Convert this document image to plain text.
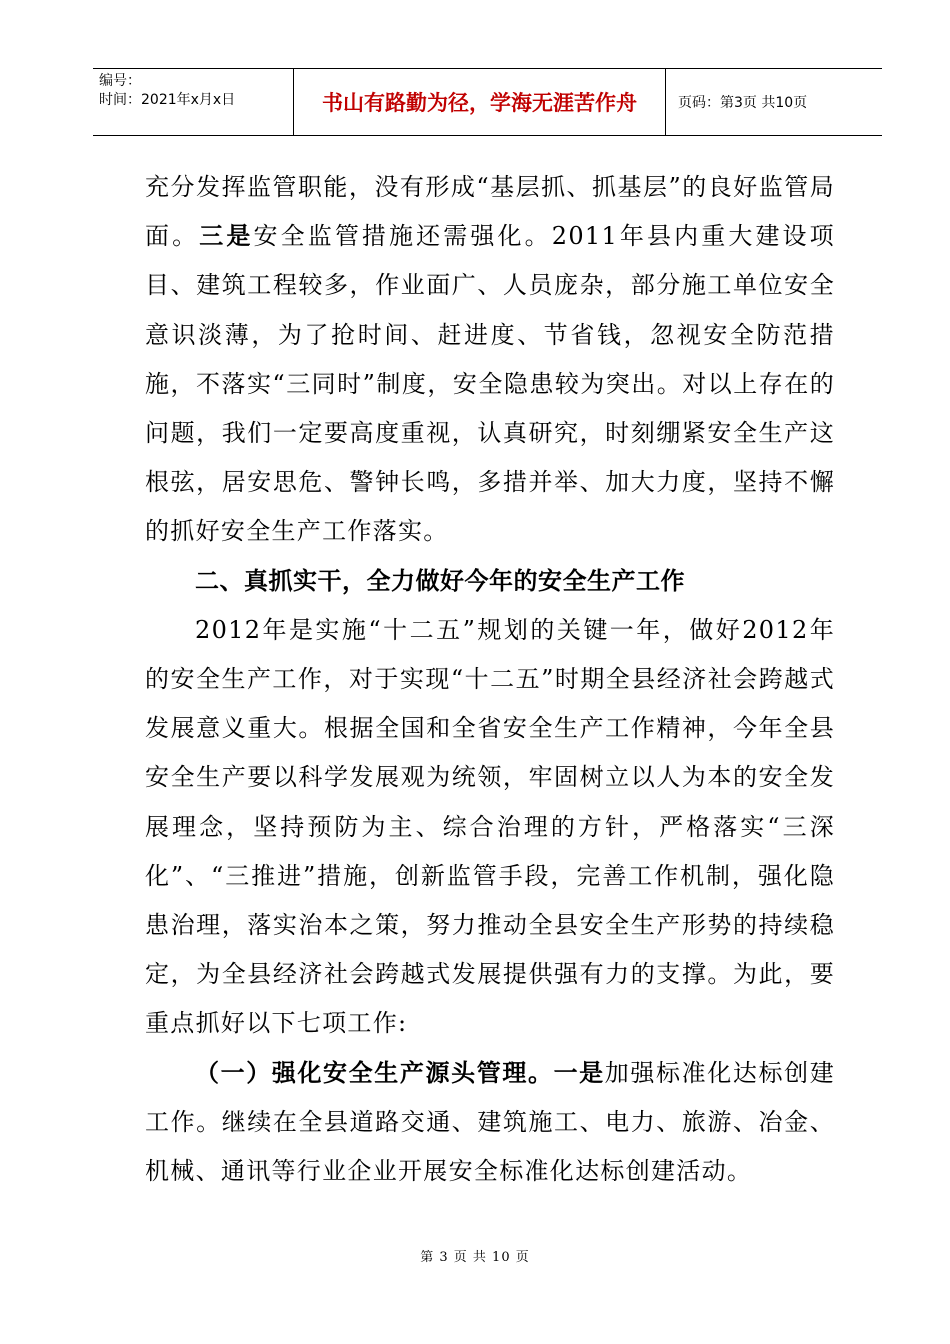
编号：
时间：2021年x月x日	书山有路勤为径，学海无涯苦作舟	页码：第3页 共10页

充分发挥监管职能，没有形成“基层抓、抓基层”的良好监管局面。三是安全监管措施还需强化。2011年县内重大建设项目、建筑工程较多，作业面广、人员庞杂，部分施工单位安全意识淡薄，为了抢时间、赶进度、节省钱，忽视安全防范措施，不落实“三同时”制度，安全隐患较为突出。对以上存在的问题，我们一定要高度重视，认真研究，时刻绷紧安全生产这根弦，居安思危、警钟长鸣，多措并举、加大力度，坚持不懈的抓好安全生产工作落实。

二、真抓实干，全力做好今年的安全生产工作

2012年是实施“十二五”规划的关键一年，做好2012年的安全生产工作，对于实现“十二五”时期全县经济社会跨越式发展意义重大。根据全国和全省安全生产工作精神，今年全县安全生产要以科学发展观为统领，牢固树立以人为本的安全发展理念，坚持预防为主、综合治理的方针，严格落实“三深化”、“三推进”措施，创新监管手段，完善工作机制，强化隐患治理，落实治本之策，努力推动全县安全生产形势的持续稳定，为全县经济社会跨越式发展提供强有力的支撑。为此，要重点抓好以下七项工作:

（一）强化安全生产源头管理。一是加强标准化达标创建工作。继续在全县道路交通、建筑施工、电力、旅游、冶金、机械、通讯等行业企业开展安全标准化达标创建活动。

第 3 页 共 10 页
